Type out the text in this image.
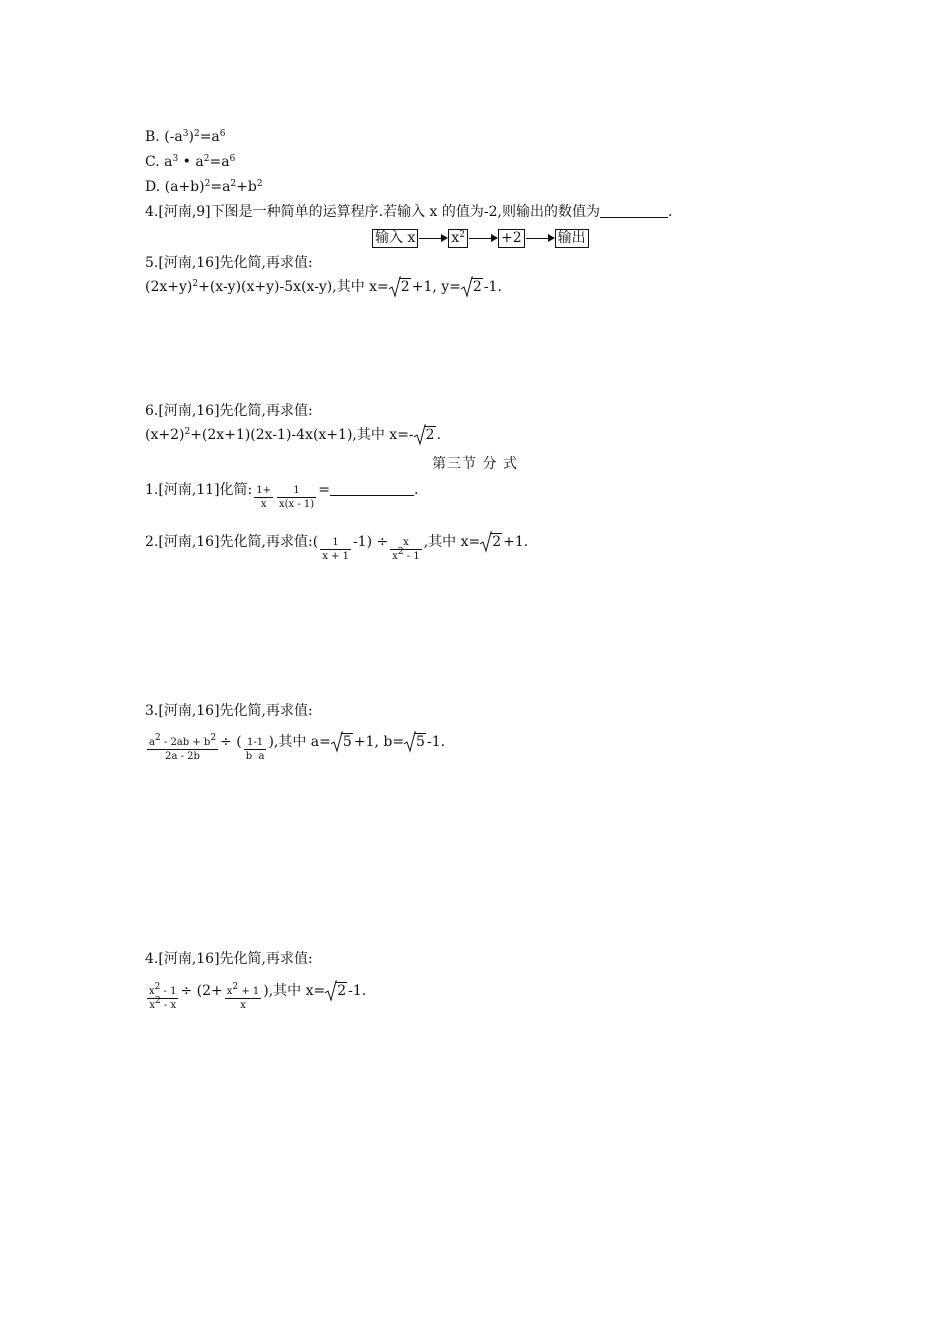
B. $(-a^3)^2=a^6$
C. $a^3$ • $a^2=a^6$
D. $(a+b)^2=a^2+b^2$
4.[河南,9]下图是一种简单的运算程序.若输入 x 的值为-2,则输出的数值为	.
输入 x	$x^2$	+2	输出
5.[河南,16]先化简,再求值:
$(2x+y)^2+(x-y)(x+y)-5x(x-y)$,其中 x= 2 +1, y= 2 -1.
6.[河南,16]先化简,再求值:
$(x+2)^2+(2x+1)(2x-1)-4x(x+1)$,其中 x=- 2 .
第三节 分 式
1.[河南,11]化简: $\frac{1+}{x} \frac{1}{x(x - 1)}$ =	.
2.[河南,16]先化简,再求值:( $\frac{1}{x + 1} -1) \div \frac{x}{x^2 - 1}$ ,其中 x= 2 +1.
3.[河南,16]先化简,再求值:
$\frac{a^2 - 2ab + b^2}{2a - 2b}$ ÷ ( $\frac{1-1}{\text{b  a}}$ ),其中 a= 5 +1, b= 5 -1.
4.[河南,16]先化简,再求值:
$\frac{x^2 - 1}{x^2 - x} \div (2+ \frac{x^2 + 1}{x}$ ),其中 x= 2 -1.
